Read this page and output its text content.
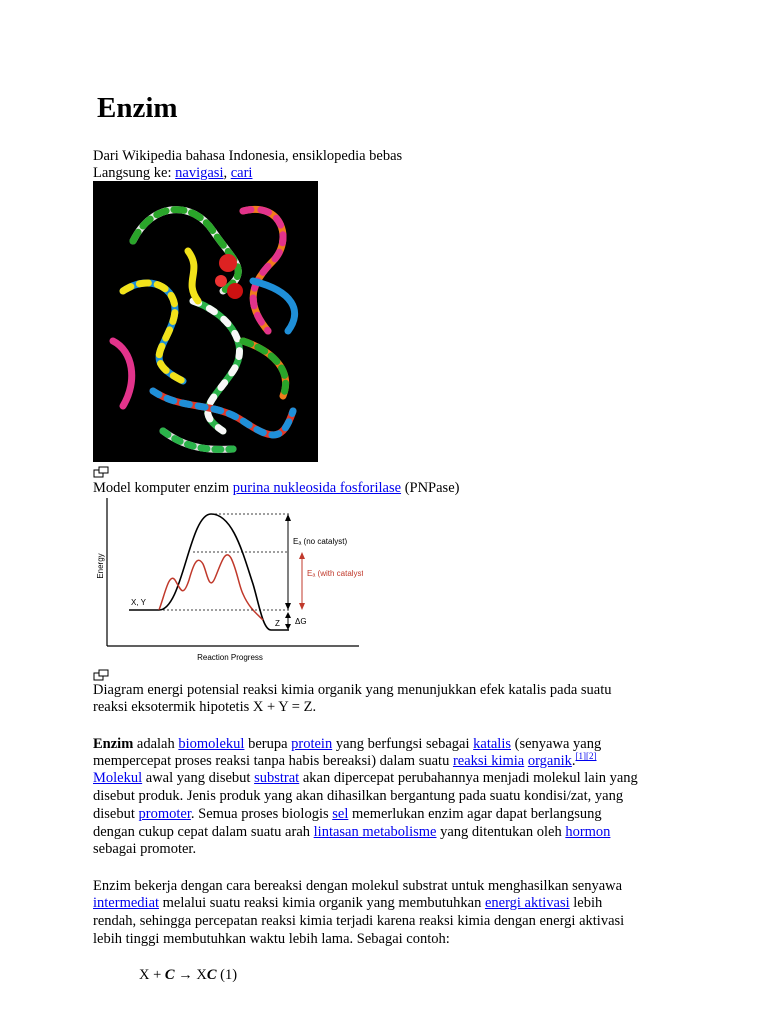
Enzim
Dari Wikipedia bahasa Indonesia, ensiklopedia bebas
Langsung ke: navigasi, cari
Model komputer enzim purina nukleosida fosforilase (PNPase)
Energy
Reaction Progress
Eₐ (no catalyst)
Eₐ (with catalyst)
ΔG
X, Y
Z
Diagram energi potensial reaksi kimia organik yang menunjukkan efek katalis pada suatu
reaksi eksotermik hipotetis X + Y = Z.
Enzim adalah biomolekul berupa protein yang berfungsi sebagai katalis (senyawa yang
mempercepat proses reaksi tanpa habis bereaksi) dalam suatu reaksi kimia organik.[1][2]
Molekul awal yang disebut substrat akan dipercepat perubahannya menjadi molekul lain yang
disebut produk. Jenis produk yang akan dihasilkan bergantung pada suatu kondisi/zat, yang
disebut promoter. Semua proses biologis sel memerlukan enzim agar dapat berlangsung
dengan cukup cepat dalam suatu arah lintasan metabolisme yang ditentukan oleh hormon
sebagai promoter.
Enzim bekerja dengan cara bereaksi dengan molekul substrat untuk menghasilkan senyawa
intermediat melalui suatu reaksi kimia organik yang membutuhkan energi aktivasi lebih
rendah, sehingga percepatan reaksi kimia terjadi karena reaksi kimia dengan energi aktivasi
lebih tinggi membutuhkan waktu lebih lama. Sebagai contoh:
X + C → XC (1)
